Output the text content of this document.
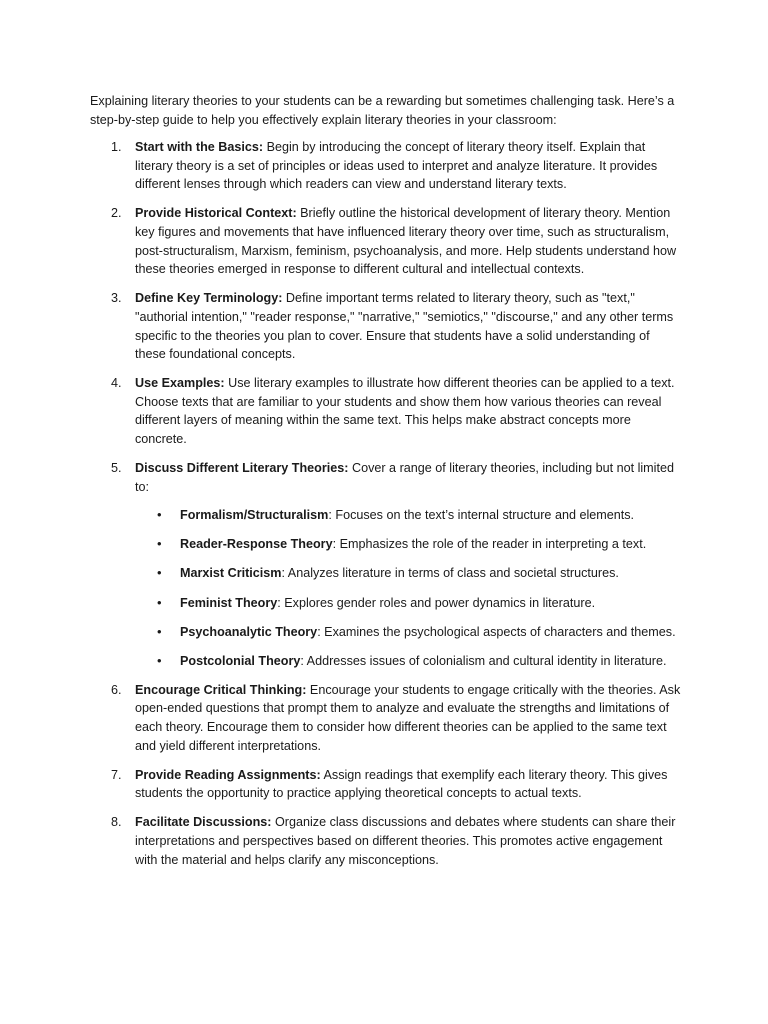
Explaining literary theories to your students can be a rewarding but sometimes challenging task. Here’s a step-by-step guide to help you effectively explain literary theories in your classroom:

1.	Start with the Basics: Begin by introducing the concept of literary theory itself. Explain that literary theory is a set of principles or ideas used to interpret and analyze literature. It provides different lenses through which readers can view and understand literary texts.
2.	Provide Historical Context: Briefly outline the historical development of literary theory. Mention key figures and movements that have influenced literary theory over time, such as structuralism, post-structuralism, Marxism, feminism, psychoanalysis, and more. Help students understand how these theories emerged in response to different cultural and intellectual contexts.
3.	Define Key Terminology: Define important terms related to literary theory, such as "text," "authorial intention," "reader response," "narrative," "semiotics," "discourse," and any other terms specific to the theories you plan to cover. Ensure that students have a solid understanding of these foundational concepts.
4.	Use Examples: Use literary examples to illustrate how different theories can be applied to a text. Choose texts that are familiar to your students and show them how various theories can reveal different layers of meaning within the same text. This helps make abstract concepts more concrete.
5.	Discuss Different Literary Theories: Cover a range of literary theories, including but not limited to:
• Formalism/Structuralism: Focuses on the text’s internal structure and elements.
• Reader-Response Theory: Emphasizes the role of the reader in interpreting a text.
• Marxist Criticism: Analyzes literature in terms of class and societal structures.
• Feminist Theory: Explores gender roles and power dynamics in literature.
• Psychoanalytic Theory: Examines the psychological aspects of characters and themes.
• Postcolonial Theory: Addresses issues of colonialism and cultural identity in literature.
6.	Encourage Critical Thinking: Encourage your students to engage critically with the theories. Ask open-ended questions that prompt them to analyze and evaluate the strengths and limitations of each theory. Encourage them to consider how different theories can be applied to the same text and yield different interpretations.
7.	Provide Reading Assignments: Assign readings that exemplify each literary theory. This gives students the opportunity to practice applying theoretical concepts to actual texts.
8.	Facilitate Discussions: Organize class discussions and debates where students can share their interpretations and perspectives based on different theories. This promotes active engagement with the material and helps clarify any misconceptions.
